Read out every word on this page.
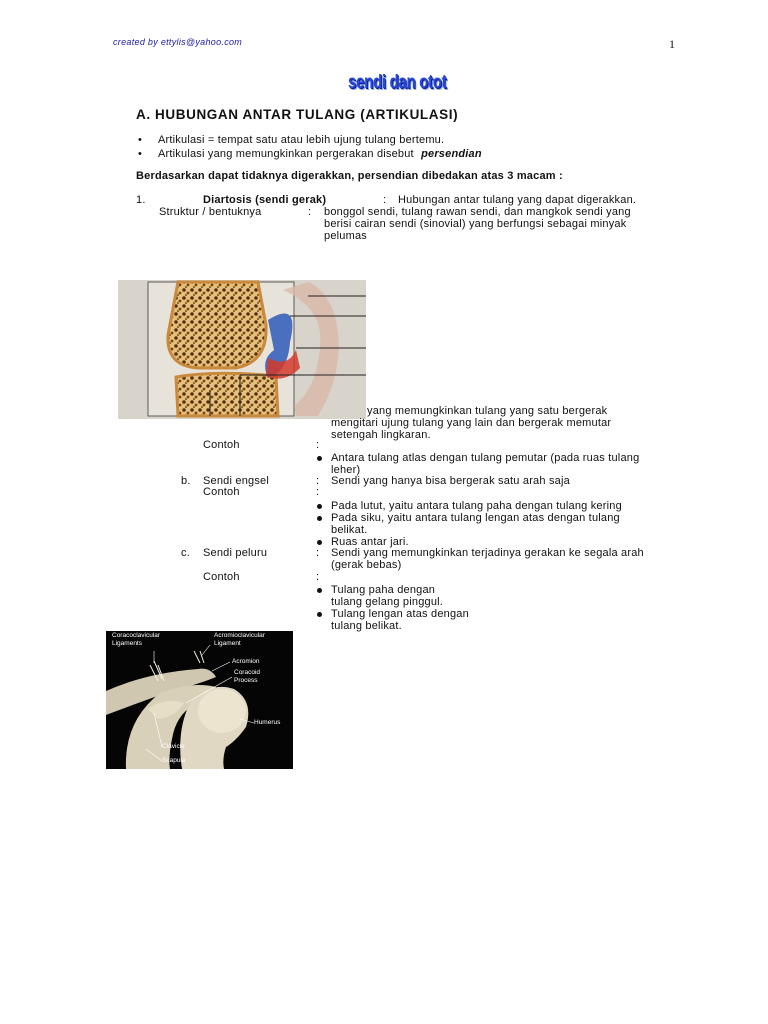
created by ettylis@yahoo.com	1
sendi dan otot
A. HUBUNGAN ANTAR TULANG (ARTIKULASI)
• Artikulasi = tempat satu atau lebih ujung tulang bertemu.
• Artikulasi yang memungkinkan pergerakan disebut persendian
Berdasarkan dapat tidaknya digerakkan, persendian dibedakan atas 3 macam :
1.	Diartosis (sendi gerak)	: Hubungan antar tulang yang dapat digerakkan.
Struktur / bentuknya	: bonggol sendi, tulang rawan sendi, dan mangkok sendi yang
berisi cairan sendi (sinovial) yang berfungsi sebagai minyak
pelumas
yang memungkinkan tulang yang satu bergerak
mengitari ujung tulang yang lain dan bergerak memutar
setengah lingkaran.
Contoh	:
Antara tulang atlas dengan tulang pemutar (pada ruas tulang
leher)
b. Sendi engsel	: Sendi yang hanya bisa bergerak satu arah saja
Contoh	:
Pada lutut, yaitu antara tulang paha dengan tulang kering
Pada siku, yaitu antara tulang lengan atas dengan tulang
belikat.
Ruas antar jari.
c. Sendi peluru	: Sendi yang memungkinkan terjadinya gerakan ke segala arah
(gerak bebas)
Contoh	:
Tulang paha dengan
tulang gelang pinggul.
Tulang lengan atas dengan
tulang belikat.
Coracoclavicular
Ligaments
Acromioclavicular
Ligament
Acromion
Coracoid
Process
Humerus
Clavicle
Scapula
